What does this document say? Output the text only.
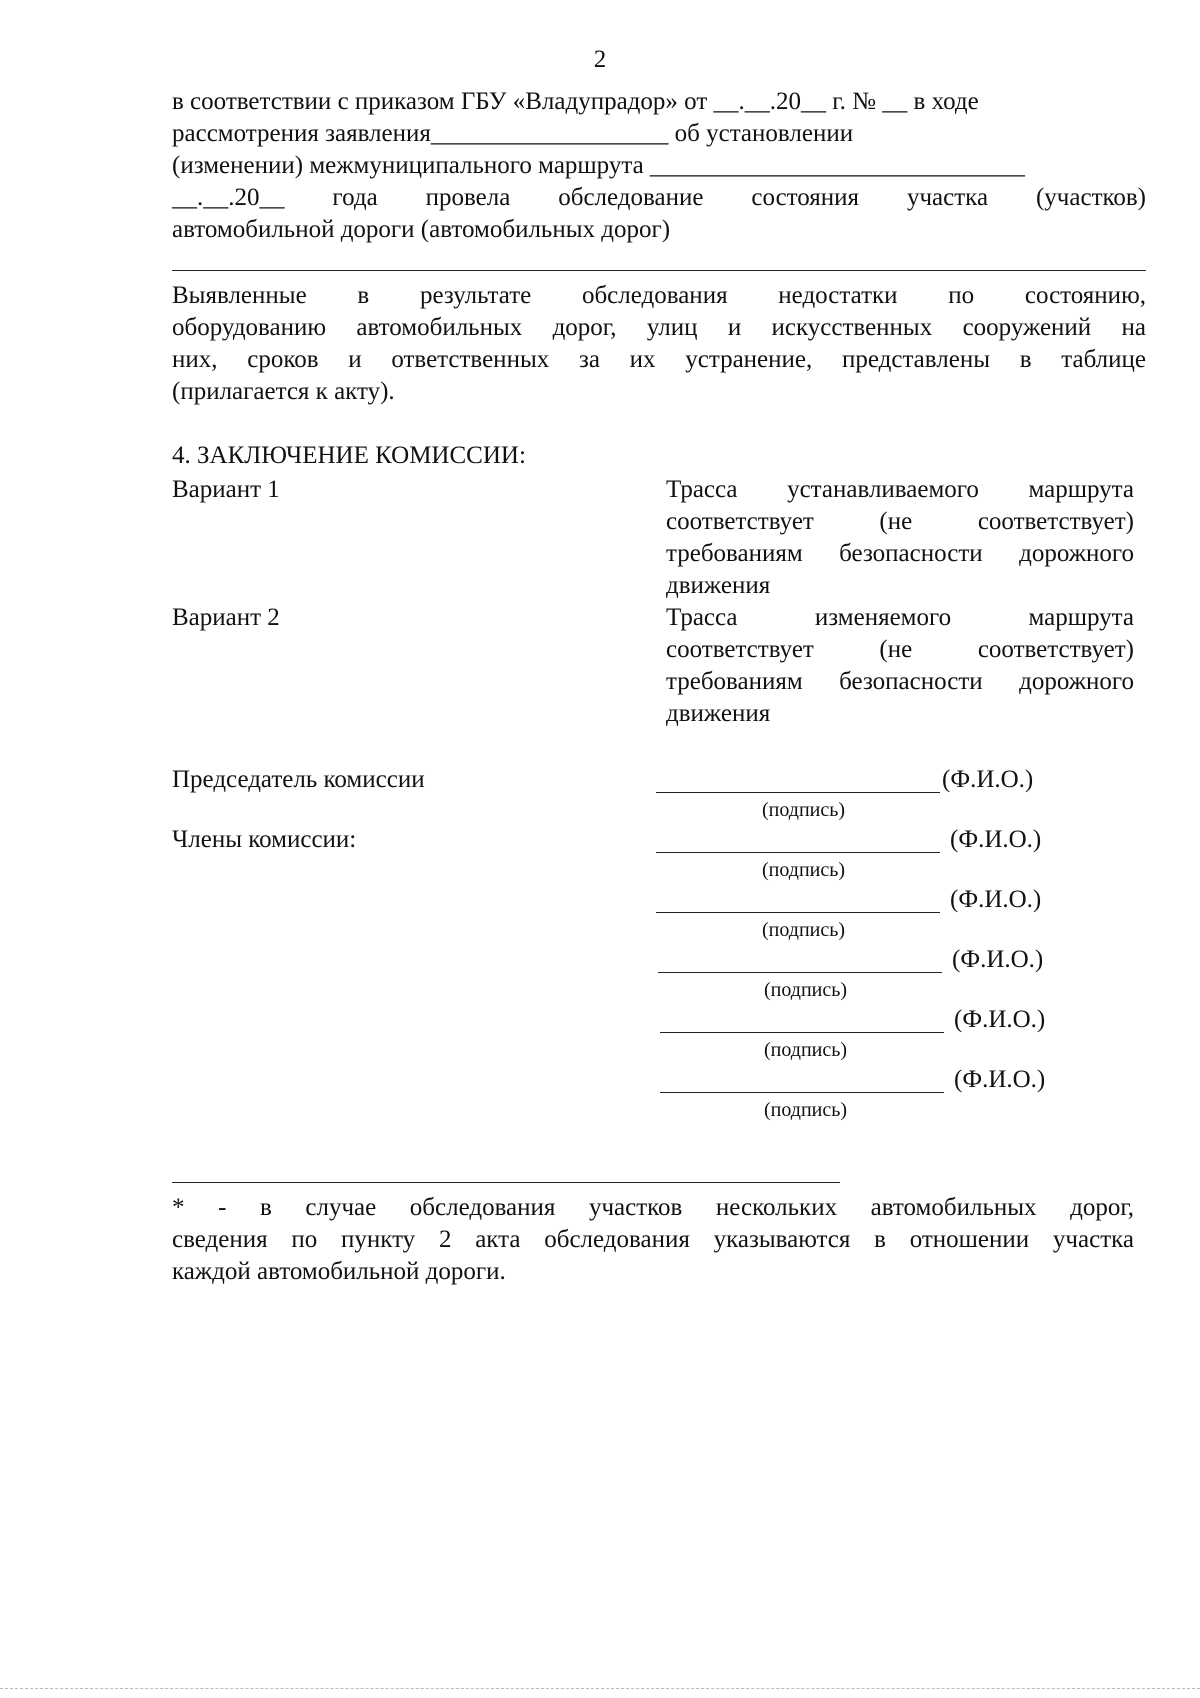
2
в соответствии с приказом ГБУ «Владупрадор» от __.__.20__ г. № __ в ходе
рассмотрения заявления___________________ об установлении
(изменении) межмуниципального маршрута ______________________________
__.__.20__ года провела обследование состояния участка (участков)
автомобильной дороги (автомобильных дорог)
Выявленные в результате обследования недостатки по состоянию,
оборудованию автомобильных дорог, улиц и искусственных сооружений на
них, сроков и ответственных за их устранение, представлены в таблице
(прилагается к акту).
4. ЗАКЛЮЧЕНИЕ КОМИССИИ:
Вариант 1	Трасса устанавливаемого маршрута
соответствует (не соответствует)
требованиям безопасности дорожного
движения
Вариант 2	Трасса изменяемого маршрута
соответствует (не соответствует)
требованиям безопасности дорожного
движения
Председатель комиссии	(Ф.И.О.)
(подпись)
Члены комиссии:	(Ф.И.О.)
(подпись)
(Ф.И.О.)
(подпись)
(Ф.И.О.)
(подпись)
(Ф.И.О.)
(подпись)
(Ф.И.О.)
(подпись)
* - в случае обследования участков нескольких автомобильных дорог,
сведения по пункту 2 акта обследования указываются в отношении участка
каждой автомобильной дороги.
